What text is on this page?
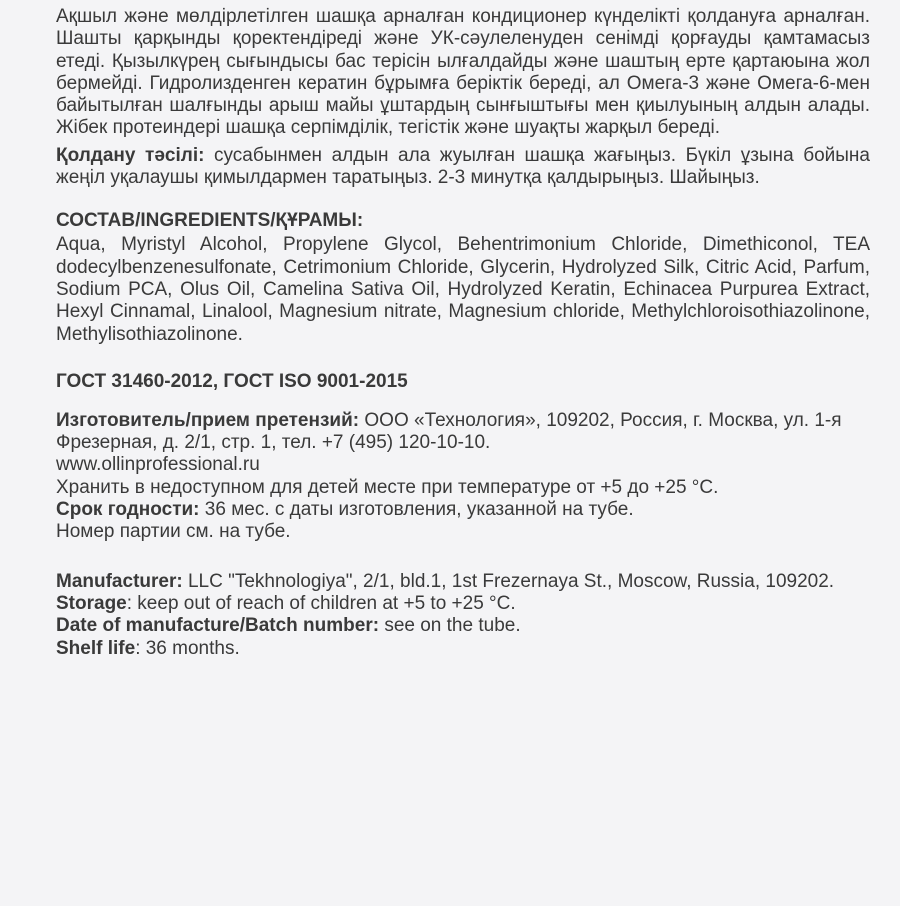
Ақшыл және мөлдірлетілген шашқа арналған кондиционер күнделікті қолдануға арналған. Шашты қарқынды қоректендіреді және УК-сәулеленуден сенімді қорғауды қамтамасыз етеді. Қызылкүрең сығындысы бас терісін ылғалдайды және шаштың ерте қартаюына жол бермейді. Гидролизденген кератин бұрымға беріктік береді, ал Омега-3 және Омега-6-мен байытылған шалғынды арыш майы ұштардың сынғыштығы мен қиылуының алдын алады. Жібек протеиндері шашқа серпімділік, тегістік және шуақты жарқыл береді.

Қолдану тәсілі: сусабынмен алдын ала жуылған шашқа жағыңыз. Бүкіл ұзына бойына жеңіл уқалаушы қимылдармен таратыңыз. 2-3 минутқа қалдырыңыз. Шайыңыз.

СОСТАВ/INGREDIENTS/ҚҰРАМЫ:

Aqua, Myristyl Alcohol, Propylene Glycol, Behentrimonium Chloride, Dimethiconol, TEA dodecylbenzenesulfonate, Cetrimonium Chloride, Glycerin, Hydrolyzed Silk, Citric Acid, Parfum, Sodium PCA, Olus Oil, Camelina Sativa Oil, Hydrolyzed Keratin, Echinacea Purpurea Extract, Hexyl Cinnamal, Linalool, Magnesium nitrate, Magnesium chloride, Methylchloroisothiazolinone, Methylisothiazolinone.

ГОСТ 31460-2012, ГОСТ ISO 9001-2015

Изготовитель/прием претензий: ООО «Технология», 109202, Россия, г. Москва, ул. 1-я Фрезерная, д. 2/1, стр. 1, тел. +7 (495) 120-10-10.
www.ollinprofessional.ru
Хранить в недоступном для детей месте при температуре от +5 до +25 °С.
Срок годности: 36 мес. с даты изготовления, указанной на тубе.
Номер партии см. на тубе.

Manufacturer: LLC "Tekhnologiya", 2/1, bld.1, 1st Frezernaya St., Moscow, Russia, 109202.
Storage: keep out of reach of children at +5 to +25 °C.
Date of manufacture/Batch number: see on the tube.
Shelf life: 36 months.
